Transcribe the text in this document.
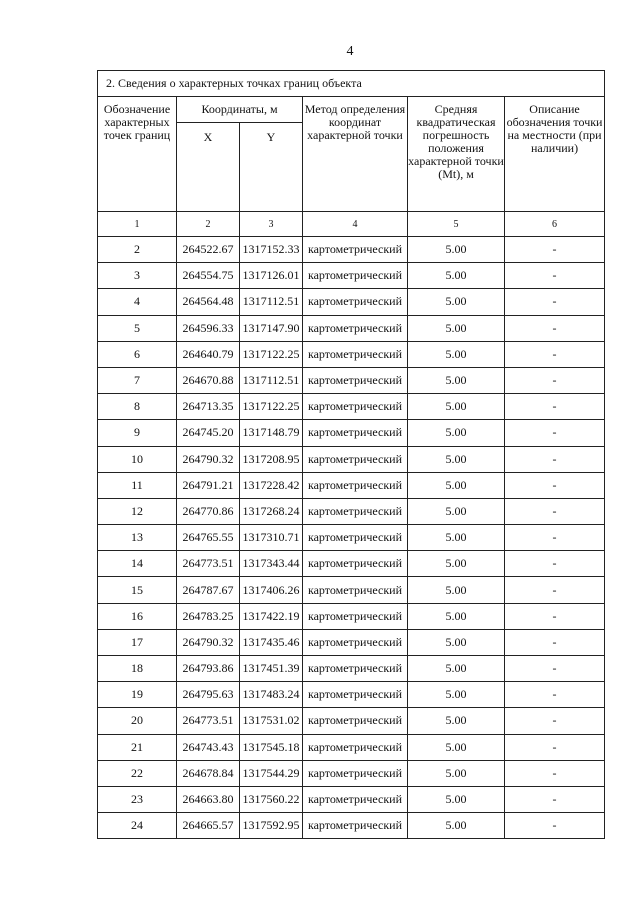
4
2. Сведения о характерных точках границ объекта					
Обозначение характерных точек границ	Координаты, м		Метод определения координат характерной точки	Средняя квадратическая погрешность положения характерной точки (Mt), м	Описание обозначения точки на местности (при наличии)
	X	Y			
1	2	3	4	5	6
2	264522.67	1317152.33	картометрический	5.00	-
3	264554.75	1317126.01	картометрический	5.00	-
4	264564.48	1317112.51	картометрический	5.00	-
5	264596.33	1317147.90	картометрический	5.00	-
6	264640.79	1317122.25	картометрический	5.00	-
7	264670.88	1317112.51	картометрический	5.00	-
8	264713.35	1317122.25	картометрический	5.00	-
9	264745.20	1317148.79	картометрический	5.00	-
10	264790.32	1317208.95	картометрический	5.00	-
11	264791.21	1317228.42	картометрический	5.00	-
12	264770.86	1317268.24	картометрический	5.00	-
13	264765.55	1317310.71	картометрический	5.00	-
14	264773.51	1317343.44	картометрический	5.00	-
15	264787.67	1317406.26	картометрический	5.00	-
16	264783.25	1317422.19	картометрический	5.00	-
17	264790.32	1317435.46	картометрический	5.00	-
18	264793.86	1317451.39	картометрический	5.00	-
19	264795.63	1317483.24	картометрический	5.00	-
20	264773.51	1317531.02	картометрический	5.00	-
21	264743.43	1317545.18	картометрический	5.00	-
22	264678.84	1317544.29	картометрический	5.00	-
23	264663.80	1317560.22	картометрический	5.00	-
24	264665.57	1317592.95	картометрический	5.00	-
